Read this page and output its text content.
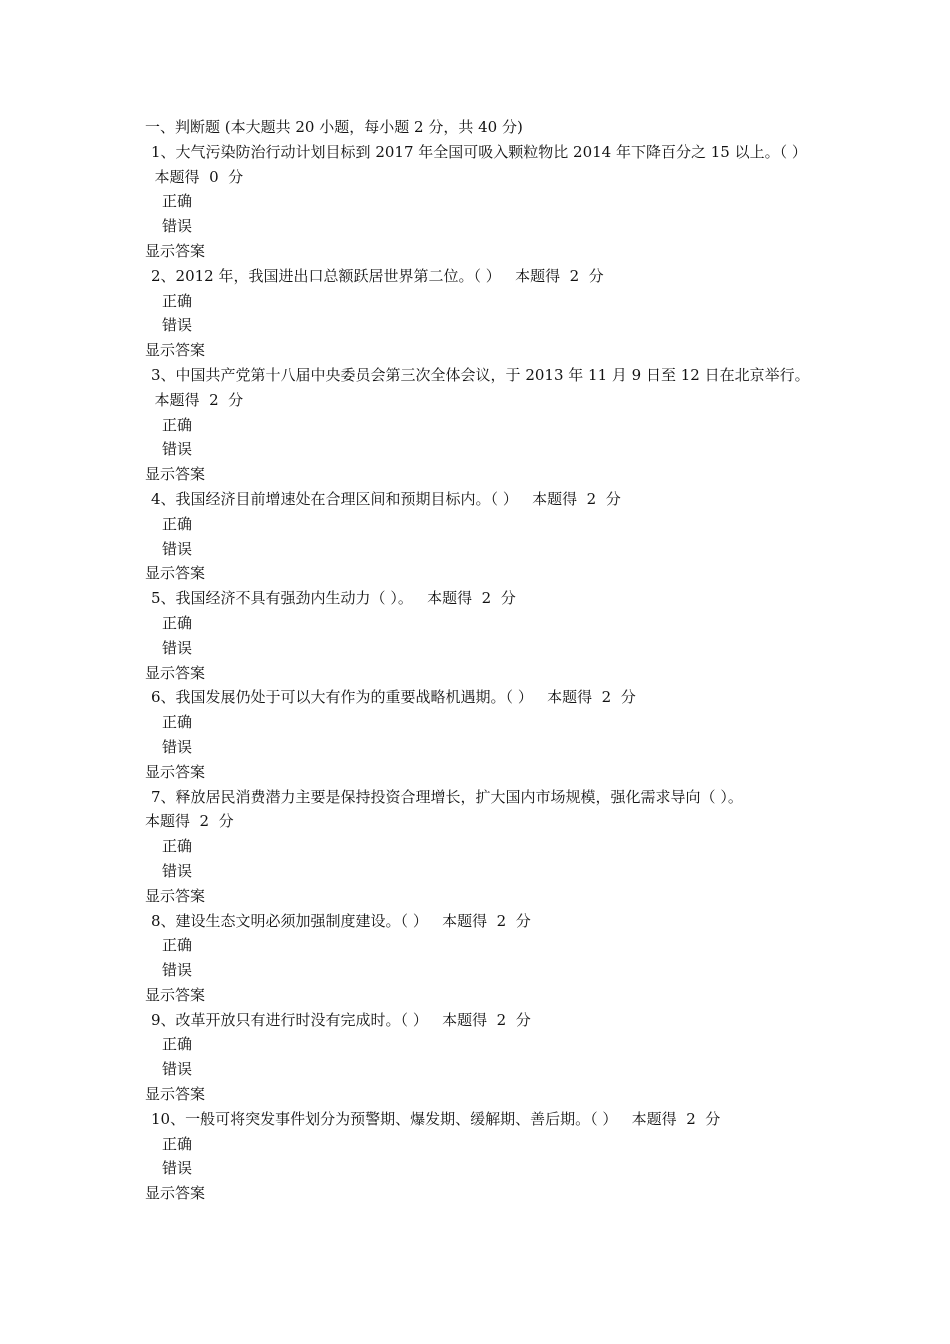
一、判断题 (本大题共 20 小题，每小题 2 分，共 40 分)
1、大气污染防治行动计划目标到 2017 年全国可吸入颗粒物比 2014 年下降百分之 15 以上。（ ）  本题得  0  分
正确
错误
显示答案
2、2012 年，我国进出口总额跃居世界第二位。（ ）   本题得  2  分
正确
错误
显示答案
3、中国共产党第十八届中央委员会第三次全体会议，于 2013 年 11 月 9 日至 12 日在北京举行。  本题得  2  分
正确
错误
显示答案
4、我国经济目前增速处在合理区间和预期目标内。（ ）   本题得  2  分
正确
错误
显示答案
5、我国经济不具有强劲内生动力（ ）。   本题得  2  分
正确
错误
显示答案
6、我国发展仍处于可以大有作为的重要战略机遇期。（ ）   本题得  2  分
正确
错误
显示答案
7、释放居民消费潜力主要是保持投资合理增长，扩大国内市场规模，强化需求导向（ ）。本题得  2  分
正确
错误
显示答案
8、建设生态文明必须加强制度建设。（ ）   本题得  2  分
正确
错误
显示答案
9、改革开放只有进行时没有完成时。（ ）   本题得  2  分
正确
错误
显示答案
10、一般可将突发事件划分为预警期、爆发期、缓解期、善后期。（ ）   本题得  2  分
正确
错误
显示答案
